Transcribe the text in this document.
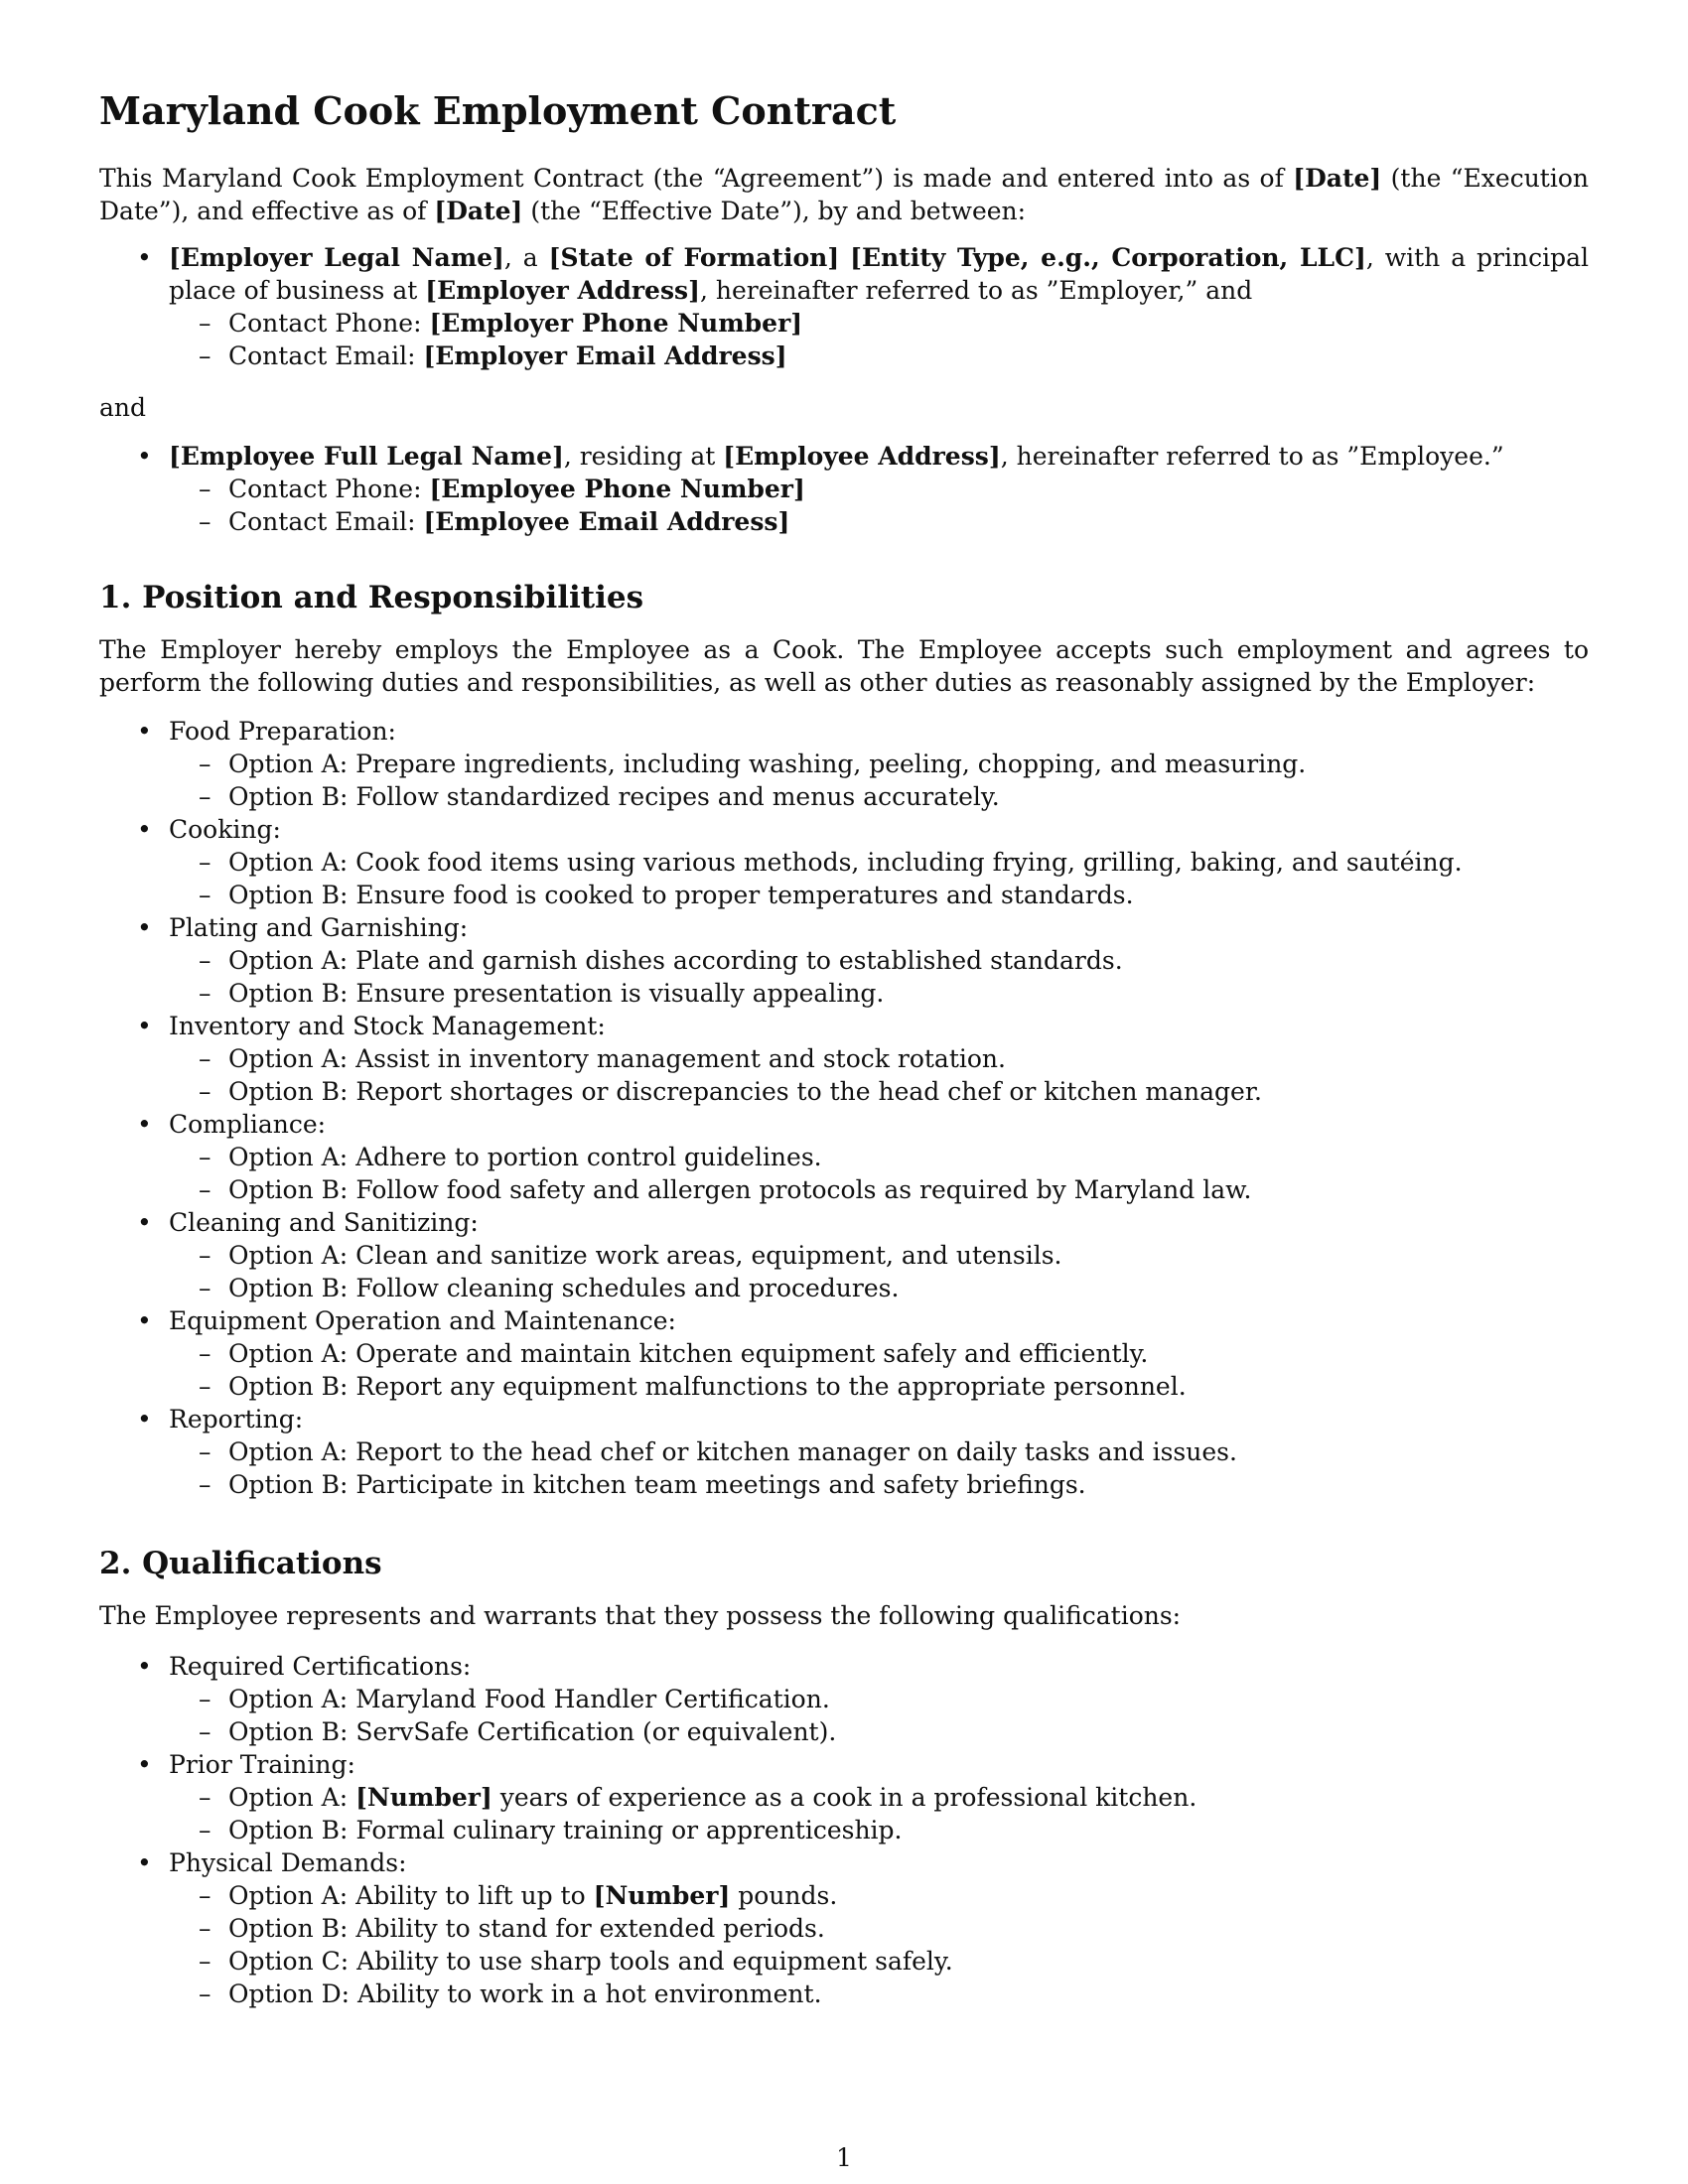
Maryland Cook Employment Contract

This Maryland Cook Employment Contract (the “Agreement”) is made and entered into as of [Date] (the “Execution Date”), and effective as of [Date] (the “Effective Date”), by and between:

• [Employer Legal Name], a [State of Formation] [Entity Type, e.g., Corporation, LLC], with a principal place of business at [Employer Address], hereinafter referred to as ”Employer,” and
– Contact Phone: [Employer Phone Number]
– Contact Email: [Employer Email Address]
and
• [Employee Full Legal Name], residing at [Employee Address], hereinafter referred to as ”Employee.”
– Contact Phone: [Employee Phone Number]
– Contact Email: [Employee Email Address]
1. Position and Responsibilities

The Employer hereby employs the Employee as a Cook. The Employee accepts such employment and agrees to perform the following duties and responsibilities, as well as other duties as reasonably assigned by the Employer:

• Food Preparation:
– Option A: Prepare ingredients, including washing, peeling, chopping, and measuring.
– Option B: Follow standardized recipes and menus accurately.
• Cooking:
– Option A: Cook food items using various methods, including frying, grilling, baking, and sautéing.
– Option B: Ensure food is cooked to proper temperatures and standards.
• Plating and Garnishing:
– Option A: Plate and garnish dishes according to established standards.
– Option B: Ensure presentation is visually appealing.
• Inventory and Stock Management:
– Option A: Assist in inventory management and stock rotation.
– Option B: Report shortages or discrepancies to the head chef or kitchen manager.
• Compliance:
– Option A: Adhere to portion control guidelines.
– Option B: Follow food safety and allergen protocols as required by Maryland law.
• Cleaning and Sanitizing:
– Option A: Clean and sanitize work areas, equipment, and utensils.
– Option B: Follow cleaning schedules and procedures.
• Equipment Operation and Maintenance:
– Option A: Operate and maintain kitchen equipment safely and efficiently.
– Option B: Report any equipment malfunctions to the appropriate personnel.
• Reporting:
– Option A: Report to the head chef or kitchen manager on daily tasks and issues.
– Option B: Participate in kitchen team meetings and safety briefings.
2. Qualifications

The Employee represents and warrants that they possess the following qualifications:

• Required Certifications:
– Option A: Maryland Food Handler Certification.
– Option B: ServSafe Certification (or equivalent).
• Prior Training:
– Option A: [Number] years of experience as a cook in a professional kitchen.
– Option B: Formal culinary training or apprenticeship.
• Physical Demands:
– Option A: Ability to lift up to [Number] pounds.
– Option B: Ability to stand for extended periods.
– Option C: Ability to use sharp tools and equipment safely.
– Option D: Ability to work in a hot environment.
1
